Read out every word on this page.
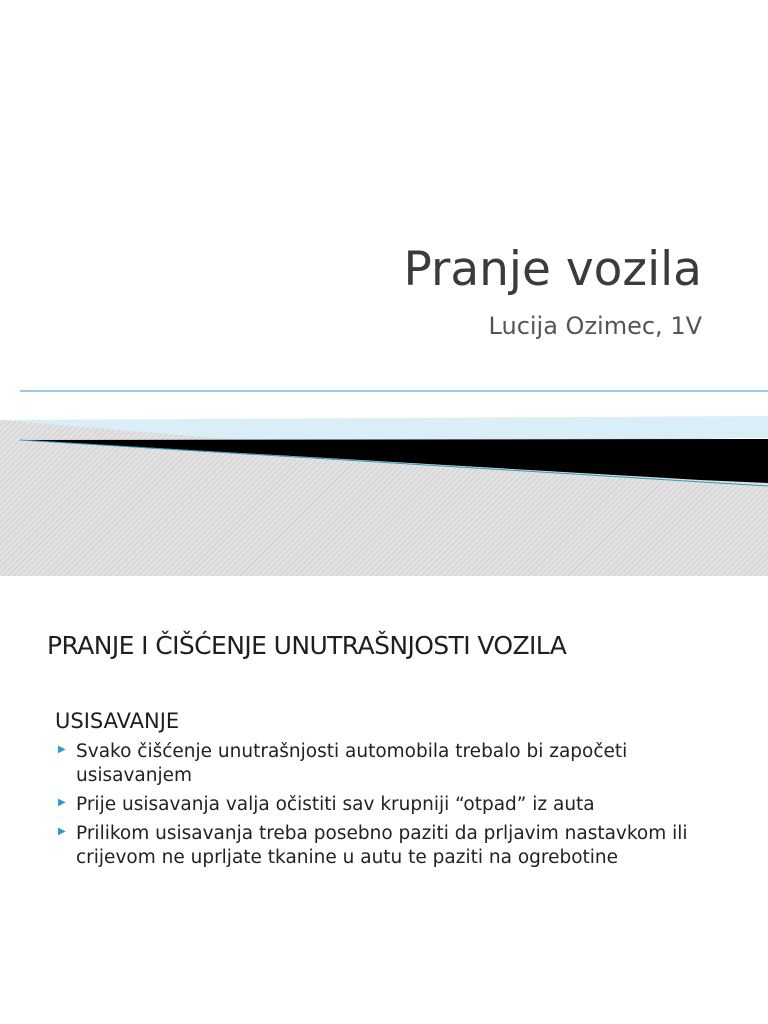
Pranje vozila
Lucija Ozimec, 1V
PRANJE I ČIŠĆENJE UNUTRAŠNJOSTI VOZILA
USISAVANJE
▶ Svako čišćenje unutrašnjosti automobila trebalo bi započeti usisavanjem
▶ Prije usisavanja valja očistiti sav krupniji “otpad” iz auta
▶ Prilikom usisavanja treba posebno paziti da prljavim nastavkom ili crijevom ne uprljate tkanine u autu te paziti na ogrebotine
